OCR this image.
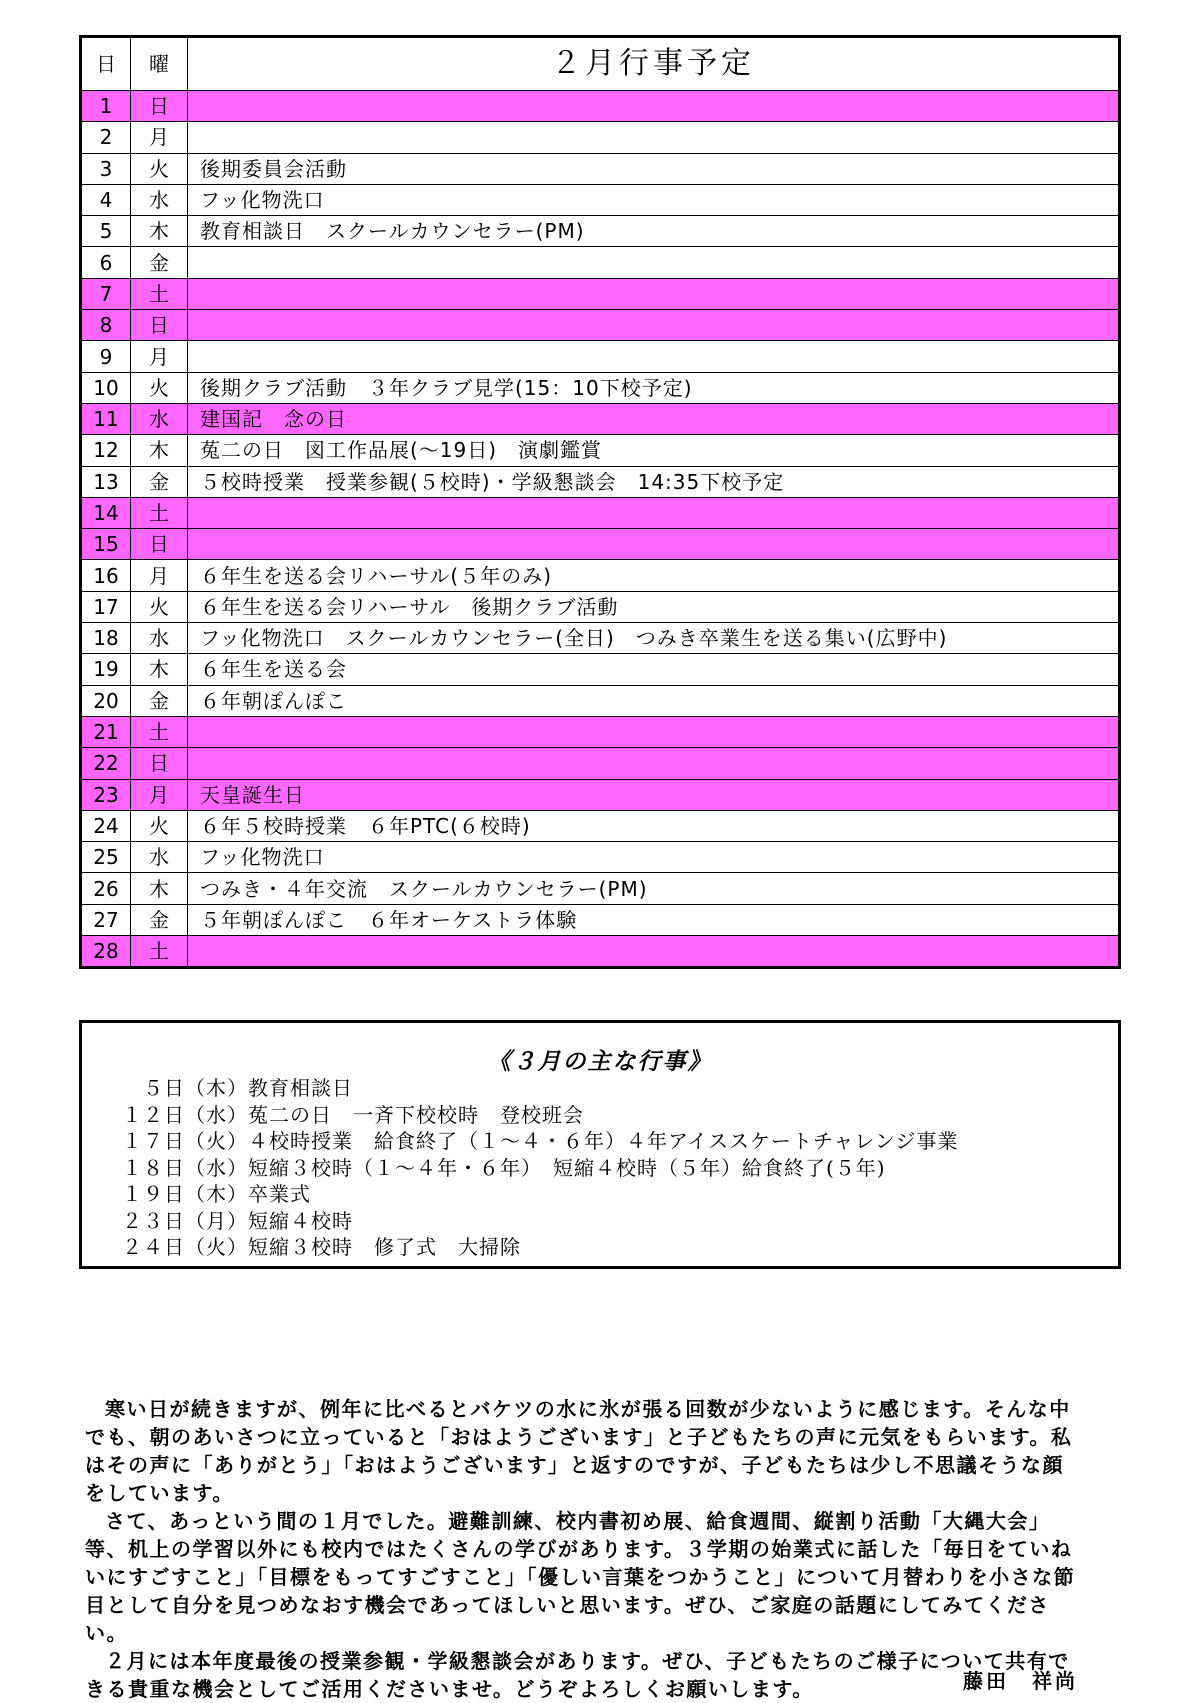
日	曜	２月行事予定
1	日	
2	月	
3	火	後期委員会活動
4	水	フッ化物洗口
5	木	教育相談日　スクールカウンセラー(PM)
6	金	
7	土	
8	日	
9	月	
10	火	後期クラブ活動　３年クラブ見学(15：10下校予定)
11	水	建国記　念の日
12	木	菟二の日　図工作品展(～19日)　演劇鑑賞
13	金	５校時授業　授業参観(５校時)・学級懇談会　14:35下校予定
14	土	
15	日	
16	月	６年生を送る会リハーサル(５年のみ)
17	火	６年生を送る会リハーサル　後期クラブ活動
18	水	フッ化物洗口　スクールカウンセラー(全日)　つみき卒業生を送る集い(広野中)
19	木	６年生を送る会
20	金	６年朝ぽんぽこ
21	土	
22	日	
23	月	天皇誕生日
24	火	６年５校時授業　６年PTC(６校時)
25	水	フッ化物洗口
26	木	つみき・４年交流　スクールカウンセラー(PM)
27	金	５年朝ぽんぽこ　６年オーケストラ体験
28	土	
《３月の主な行事》
　５日（木）教育相談日
１２日（水）菟二の日　一斉下校校時　登校班会
１７日（火）４校時授業　給食終了（１～４・６年）４年アイススケートチャレンジ事業
１８日（水）短縮３校時（１～４年・６年）　短縮４校時（５年）給食終了(５年)
１９日（木）卒業式
２３日（月）短縮４校時
２４日（火）短縮３校時　修了式　大掃除

寒い日が続きますが、例年に比べるとバケツの水に氷が張る回数が少ないように感じます。そんな中でも、朝のあいさつに立っていると「おはようございます」と子どもたちの声に元気をもらいます。私はその声に「ありがとう」「おはようございます」と返すのですが、子どもたちは少し不思議そうな顔をしています。

さて、あっという間の１月でした。避難訓練、校内書初め展、給食週間、縦割り活動「大縄大会」等、机上の学習以外にも校内ではたくさんの学びがあります。３学期の始業式に話した「毎日をていねいにすごすこと」「目標をもってすごすこと」「優しい言葉をつかうこと」について月替わりを小さな節目として自分を見つめなおす機会であってほしいと思います。ぜひ、ご家庭の話題にしてみてください。

２月には本年度最後の授業参観・学級懇談会があります。ぜひ、子どもたちのご様子について共有できる貴重な機会としてご活用くださいませ。どうぞよろしくお願いします。	藤田　祥尚
